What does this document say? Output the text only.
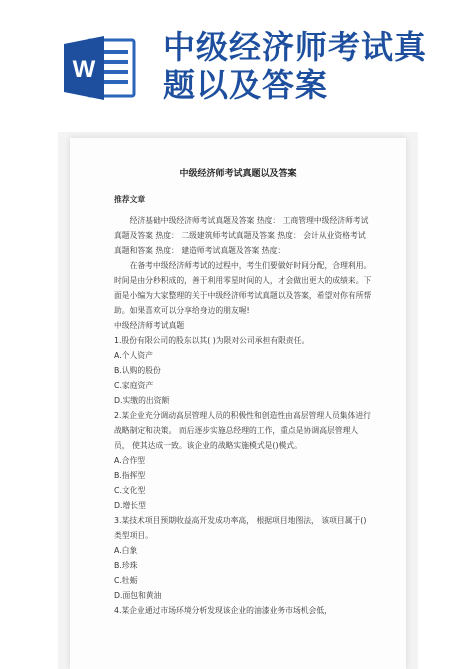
W
中级经济师考试真
题以及答案
中级经济师考试真题以及答案

推荐文章

经济基础中级经济师考试真题及答案 热度： 工商管理中级经济师考试真题及答案 热度： 二级建筑师考试真题及答案 热度： 会计从业资格考试真题和答案 热度： 建造师考试真题及答案 热度：

在备考中级经济师考试的过程中，考生们要做好时间分配，合理利用。时间是由分秒积成的，善于利用零星时间的人，才会做出更大的成绩来。下面是小编为大家整理的关于中级经济师考试真题以及答案，希望对你有所帮助。如果喜欢可以分享给身边的朋友喔!

中级经济师考试真题

1.股份有限公司的股东以其( )为限对公司承担有限责任。

A.个人资产

B.认购的股份

C.家庭资产

D.实缴的出资额

2.某企业充分调动高层管理人员的积极性和创造性由高层管理人员集体进行战略制定和决策。 而后逐步实施总经理的工作，重点是协调高层管理人员， 使其达成一致。该企业的战略实施模式是()模式。

A.合作型

B.指挥型

C.文化型

D.增长型

3.某技术项目预期收益高开发成功率高， 根据项目地图法， 该项目属于()类型项目。

A.白象

B.珍珠

C.牡蛎

D.面包和黄油

4.某企业通过市场环境分析发现该企业的油漆业务市场机会低，
